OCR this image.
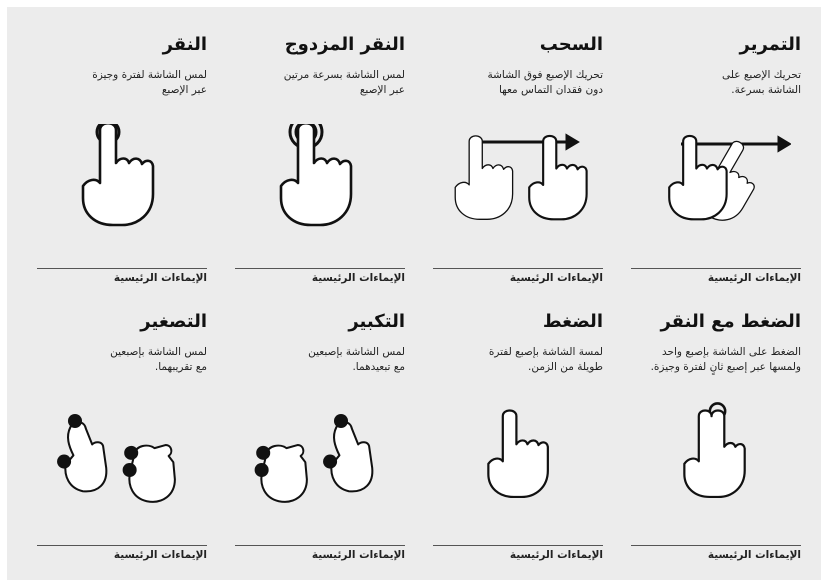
النقر

لمس الشاشة لفترة وجيزة
عبر الإصبع

الإيماءات الرئيسية

النقر المزدوج

لمس الشاشة بسرعة مرتين
عبر الإصبع

الإيماءات الرئيسية

السحب

تحريك الإصبع فوق الشاشة
دون فقدان التماس معها

الإيماءات الرئيسية

التمرير

تحريك الإصبع على
الشاشة بسرعة.

الإيماءات الرئيسية

التصغير

لمس الشاشة بإصبعين
مع تقريبهما.

الإيماءات الرئيسية

التكبير

لمس الشاشة بإصبعين
مع تبعيدهما.

الإيماءات الرئيسية

الضغط

لمسة الشاشة بإصبع لفترة
طويلة من الزمن.

الإيماءات الرئيسية

الضغط مع النقر

الضغط على الشاشة بإصبع واحد
ولمسها عبر إصبع ثانٍ لفترة وجيزة.

الإيماءات الرئيسية
